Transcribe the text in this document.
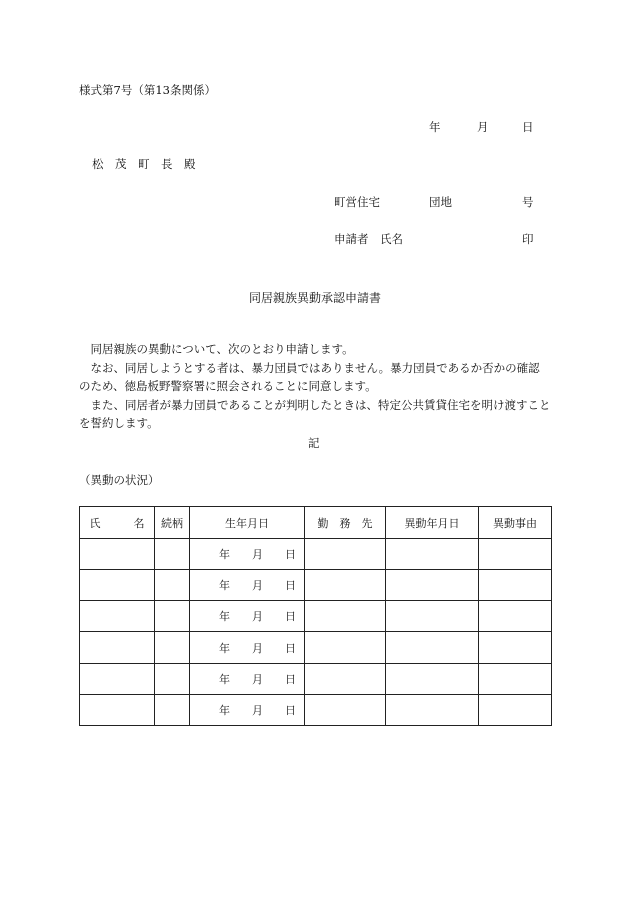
様式第7号（第13条関係）
年	月	日
松　茂　町　長　殿
町営住宅	団地	号
申請者　氏名	印
同居親族異動承認申請書

同居親族の異動について、次のとおり申請します。

なお、同居しようとする者は、暴力団員ではありません。暴力団員であるか否かの確認のため、徳島板野警察署に照会されることに同意します。

また、同居者が暴力団員であることが判明したときは、特定公共賃貸住宅を明け渡すことを誓約します。

記
（異動の状況）
氏　　　名	続柄	生年月日	勤　務　先	異動年月日	異動事由

		年 月 日			

		年 月 日			

		年 月 日			

		年 月 日			

		年 月 日			

		年 月 日			
